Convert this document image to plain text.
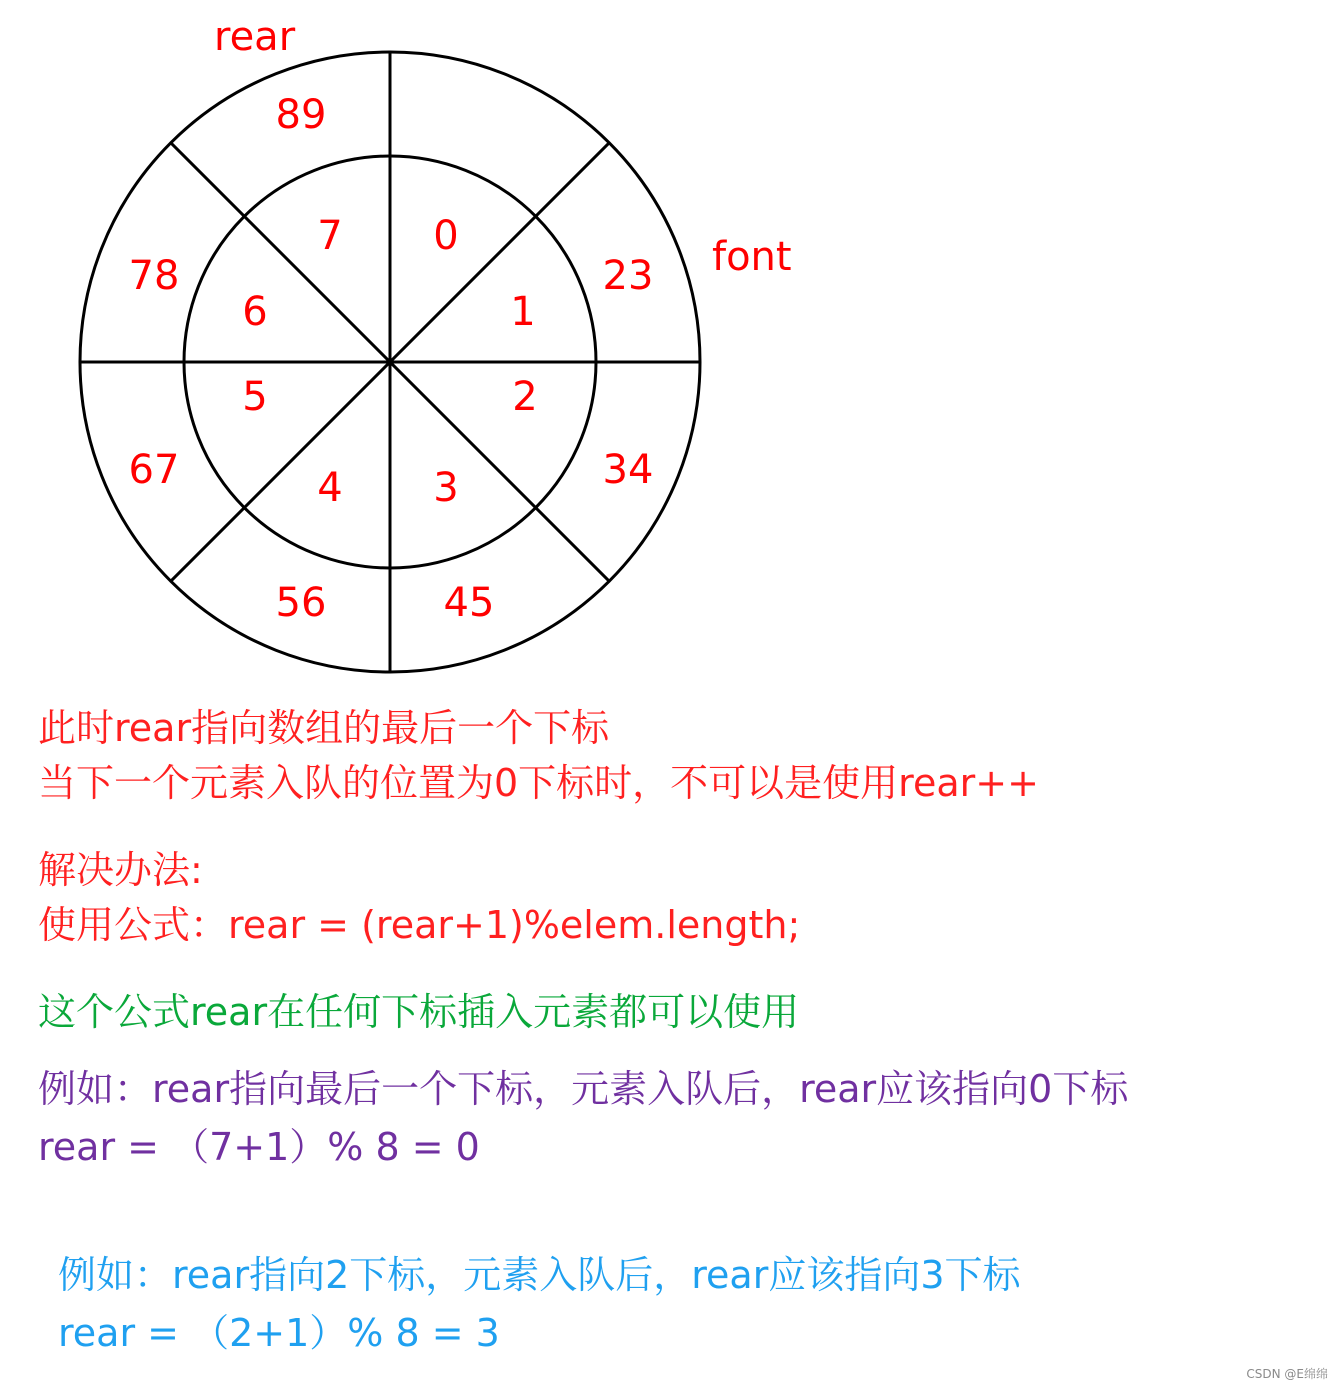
7 0
1
2
3
4
5
6
89
23
34
45
56
67
78
rear
font

此时rear指向数组的最后一个下标

当下一个元素入队的位置为0下标时，不可以是使用rear++

解决办法:

使用公式：rear = (rear+1)%elem.length;

这个公式rear在任何下标插入元素都可以使用

例如：rear指向最后一个下标，元素入队后，rear应该指向0下标

rear = （7+1）% 8 = 0

例如：rear指向2下标，元素入队后，rear应该指向3下标

rear = （2+1）% 8 = 3

CSDN @E绵绵
